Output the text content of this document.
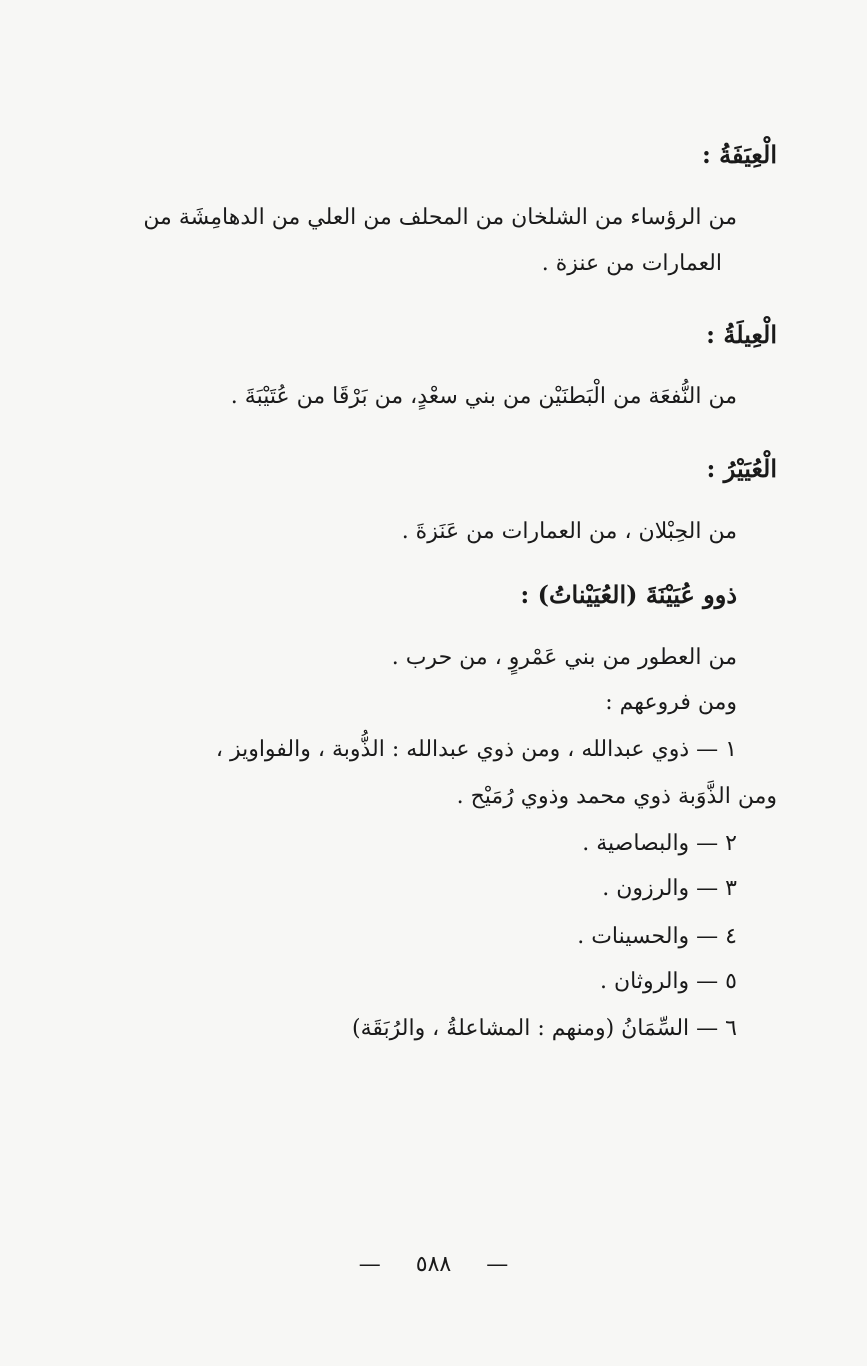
الْعِيَفَةُ :
من الرؤساء من الشلخان من المحلف من العلي من الدهامِشَة من
العمارات من عنزة .
الْعِيلَةُ :
من النُّفعَة من الْبَطنَيْن من بني سعْدٍ، من بَرْقَا من عُتَيْبَةَ .
الْعُيَيْرُ :
من الحِبْلان ، من العمارات من عَنَزةَ .
ذوو عُيَيْنَةَ (العُيَيْناتُ) :
من العطور من بني عَمْروٍ ، من حرب .
ومن فروعهم :
١ — ذوي عبدالله ، ومن ذوي عبدالله : الذُّوبة ، والفواويز ،
ومن الذَّوَبة ذوي محمد وذوي رُمَيْح .
٢ — والبصاصية .
٣ — والرزون .
٤ — والحسينات .
٥ — والروثان .
٦ — السِّمَانُ (ومنهم : المشاعلةُ ، والرُبَقَة)
— ٥٨٨ —
